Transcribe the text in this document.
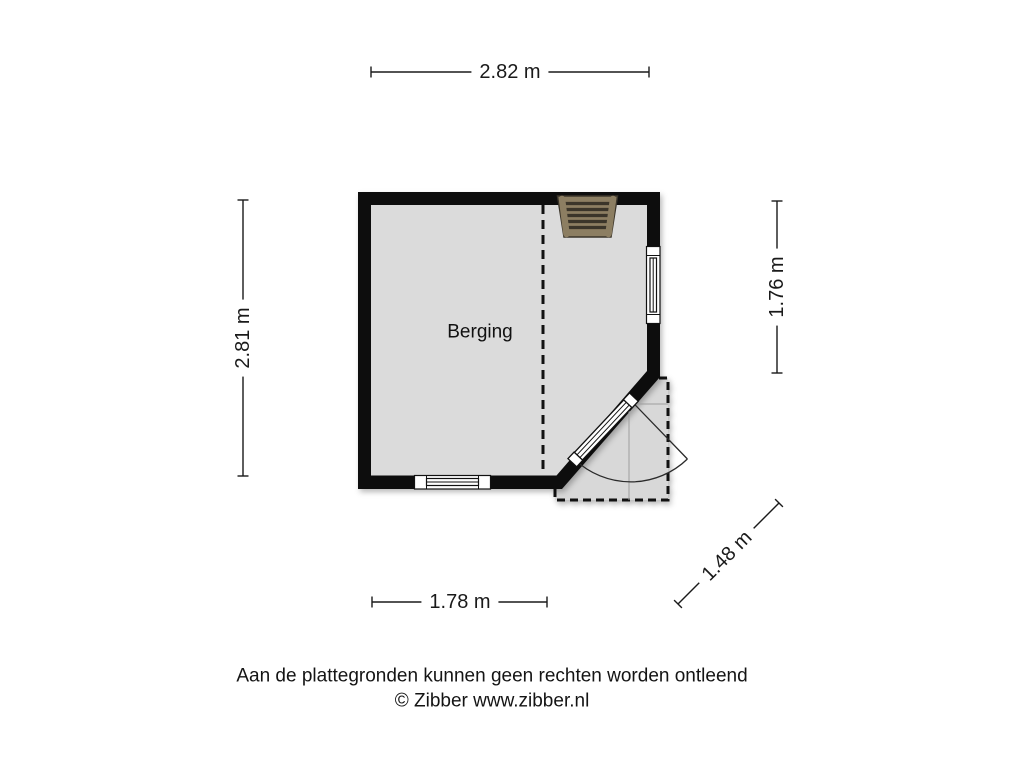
2.82 m
2.81 m
1.76 m
1.78 m
1.48 m
Berging
Aan de plattegronden kunnen geen rechten worden ontleend
© Zibber www.zibber.nl
